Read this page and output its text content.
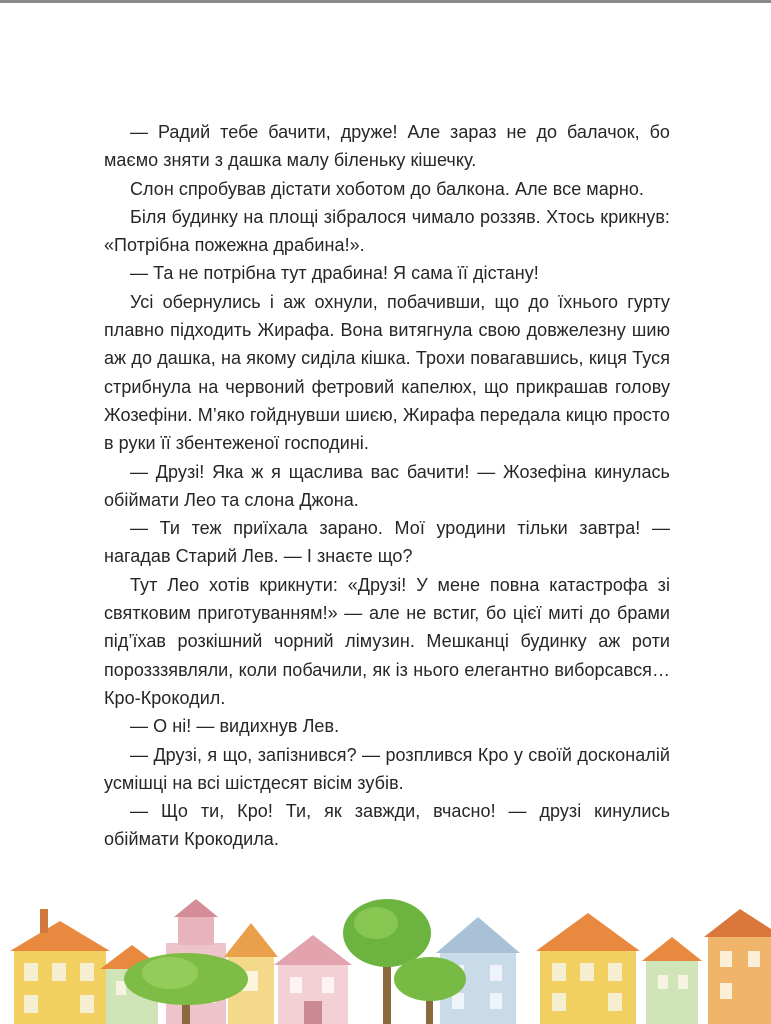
— Радий тебе бачити, друже! Але зараз не до балачок, бо маємо зняти з дашка малу біленьку кішечку.

Слон спробував дістати хоботом до балкона. Але все марно.

Біля будинку на площі зібралося чимало роззяв. Хтось крикнув: «Потрібна пожежна драбина!».

— Та не потрібна тут драбина! Я сама її дістану!

Усі обернулись і аж охнули, побачивши, що до їхнього гурту плавно підходить Жирафа. Вона витягнула свою довжелезну шию аж до дашка, на якому сиділа кішка. Трохи повагавшись, киця Туся стрибнула на червоний фетровий капелюх, що прикрашав голову Жозефіни. М’яко гойднувши шиєю, Жирафа передала кицю просто в руки її збентеженої господині.

— Друзі! Яка ж я щаслива вас бачити! — Жозефіна кинулась обіймати Лео та слона Джона.

— Ти теж приїхала зарано. Мої уродини тільки завтра! — нагадав Старий Лев. — І знаєте що?

Тут Лео хотів крикнути: «Друзі! У мене повна катастрофа зі святковим приготуванням!» — але не встиг, бо цієї миті до брами під’їхав розкішний чорний лімузин. Мешканці будинку аж роти порозззявляли, коли побачили, як із нього елегантно виборсався… Кро-Крокодил.

— О ні! — видихнув Лев.

— Друзі, я що, запізнився? — розплився Кро у своїй досконалій усмішці на всі шістдесят вісім зубів.

— Що ти, Кро! Ти, як завжди, вчасно! — друзі кинулись обіймати Крокодила.
